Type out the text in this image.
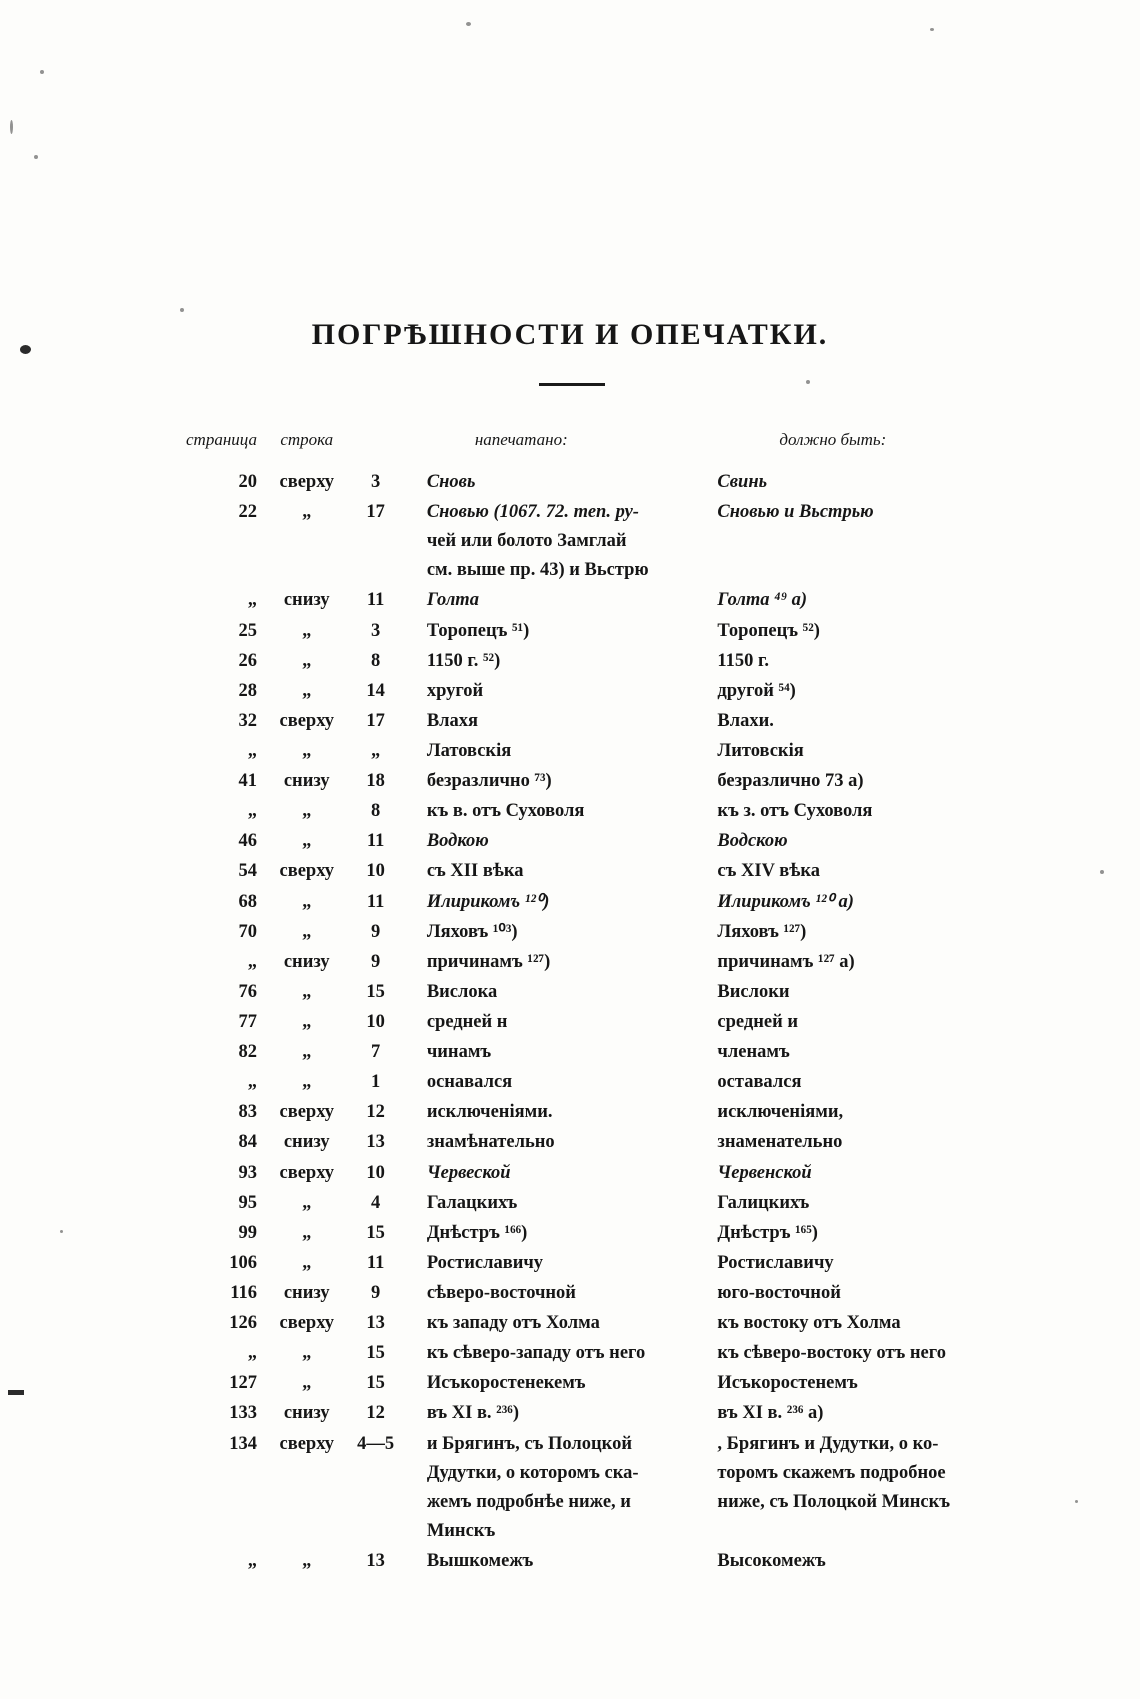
ПОГРѢШНОСТИ И ОПЕЧАТКИ.
страница	строка		напечатано:	должно быть:
20	сверху	3	Сновь	Свинь
22	„	17	Сновью (1067. 72. теп. ру-	Сновью и Вьстрью
			чей или болото Замглай	
			см. выше пр. 43) и Вьстрю	
„	снизу	11	Голта	Голта ⁴⁹ а)
25	„	3	Торопецъ ⁵¹)	Торопецъ ⁵²)
26	„	8	1150 г. ⁵²)	1150 г.
28	„	14	хругой	другой ⁵⁴)
32	сверху	17	Влахя	Влахи.
„	„	„	Латовскія	Литовскія
41	снизу	18	безразлично ⁷³)	безразлично 73 а)
„	„	8	къ в. отъ Суховоля	къ з. отъ Суховоля
46	„	11	Водкою	Водскою
54	сверху	10	съ XII вѣка	съ XIV вѣка
68	„	11	Илирикомъ ¹²⁰)	Илирикомъ ¹²⁰ а)
70	„	9	Ляховъ ¹⁰³)	Ляховъ ¹²⁷)
„	снизу	9	причинамъ ¹²⁷)	причинамъ ¹²⁷ а)
76	„	15	Вислока	Вислоки
77	„	10	средней н	средней и
82	„	7	чинамъ	членамъ
„	„	1	оснавался	оставался
83	сверху	12	исключеніями.	исключеніями,
84	снизу	13	знамѣнательно	знаменательно
93	сверху	10	Червеской	Червенской
95	„	4	Галацкихъ	Галицкихъ
99	„	15	Днѣстръ ¹⁶⁶)	Днѣстръ ¹⁶⁵)
106	„	11	Ростиславичу	Ростиславичу
116	снизу	9	сѣверо-восточной	юго-восточной
126	сверху	13	къ западу отъ Холма	къ востоку отъ Холма
„	„	15	къ сѣверо-западу отъ него	къ сѣверо-востоку отъ него
127	„	15	Исъкоростенекемъ	Исъкоростенемъ
133	снизу	12	въ XI в. ²³⁶)	въ XI в. ²³⁶ а)
134	сверху	4—5	и Брягинъ, съ Полоцкой	, Брягинъ и Дудутки, о ко-
			Дудутки, о которомъ ска-	торомъ скажемъ подробное
			жемъ подробнѣе ниже, и	ниже, съ Полоцкой Минскъ
			Минскъ	
„	„	13	Вышкомежъ	Высокомежъ
